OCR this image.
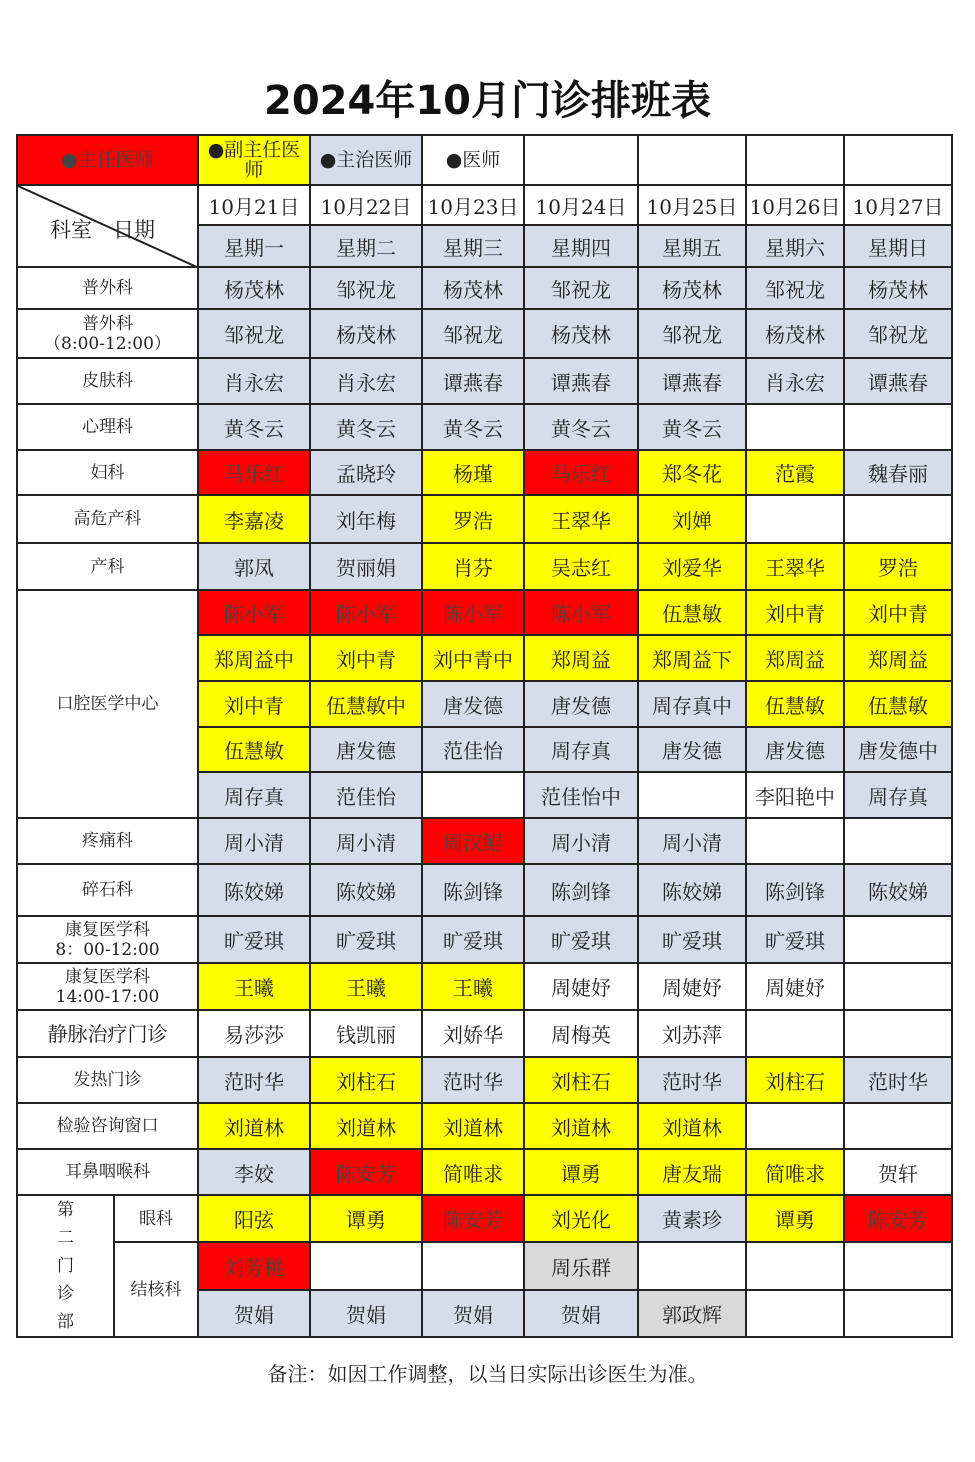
2024年10月门诊排班表
●主任医师		●副主任医师	●主治医师	●医师				

科室　日期		10月21日	10月22日	10月23日	10月24日	10月25日	10月26日	10月27日
		星期一	星期二	星期三	星期四	星期五	星期六	星期日
普外科		杨茂林	邹祝龙	杨茂林	邹祝龙	杨茂林	邹祝龙	杨茂林

普外科
（8:00-12:00）		邹祝龙	杨茂林	邹祝龙	杨茂林	邹祝龙	杨茂林	邹祝龙
皮肤科		肖永宏	肖永宏	谭燕春	谭燕春	谭燕春	肖永宏	谭燕春
心理科		黄冬云	黄冬云	黄冬云	黄冬云	黄冬云		
妇科		马乐红	孟晓玲	杨瑾	马乐红	郑冬花	范霞	魏春丽
高危产科		李嘉凌	刘年梅	罗浩	王翠华	刘婵		
产科		郭凤	贺丽娟	肖芬	吴志红	刘爱华	王翠华	罗浩
口腔医学中心		陈小军	陈小军	陈小军	陈小军	伍慧敏	刘中青	刘中青
		郑周益中	刘中青	刘中青中	郑周益	郑周益下	郑周益	郑周益
		刘中青	伍慧敏中	唐发德	唐发德	周存真中	伍慧敏	伍慧敏
		伍慧敏	唐发德	范佳怡	周存真	唐发德	唐发德	唐发德中
		周存真	范佳怡		范佳怡中		李阳艳中	周存真
疼痛科		周小清	周小清	周汉鲲	周小清	周小清		
碎石科		陈姣娣	陈姣娣	陈剑锋	陈剑锋	陈姣娣	陈剑锋	陈姣娣

康复医学科
8：00-12:00		旷爱琪	旷爱琪	旷爱琪	旷爱琪	旷爱琪	旷爱琪	

康复医学科
14:00-17:00		王曦	王曦	王曦	周婕妤	周婕妤	周婕妤	
静脉治疗门诊		易莎莎	钱凯丽	刘娇华	周梅英	刘苏萍		
发热门诊		范时华	刘柱石	范时华	刘柱石	范时华	刘柱石	范时华
检验咨询窗口		刘道林	刘道林	刘道林	刘道林	刘道林		
耳鼻咽喉科		李姣	陈安芳	简唯求	谭勇	唐友瑞	简唯求	贺轩

第二门诊部	眼科	阳弦	谭勇	陈安芳	刘光化	黄素珍	谭勇	陈安芳
	结核科	刘芳桃			周乐群			
		贺娟	贺娟	贺娟	贺娟	郭政辉		
备注：如因工作调整，以当日实际出诊医生为准。
